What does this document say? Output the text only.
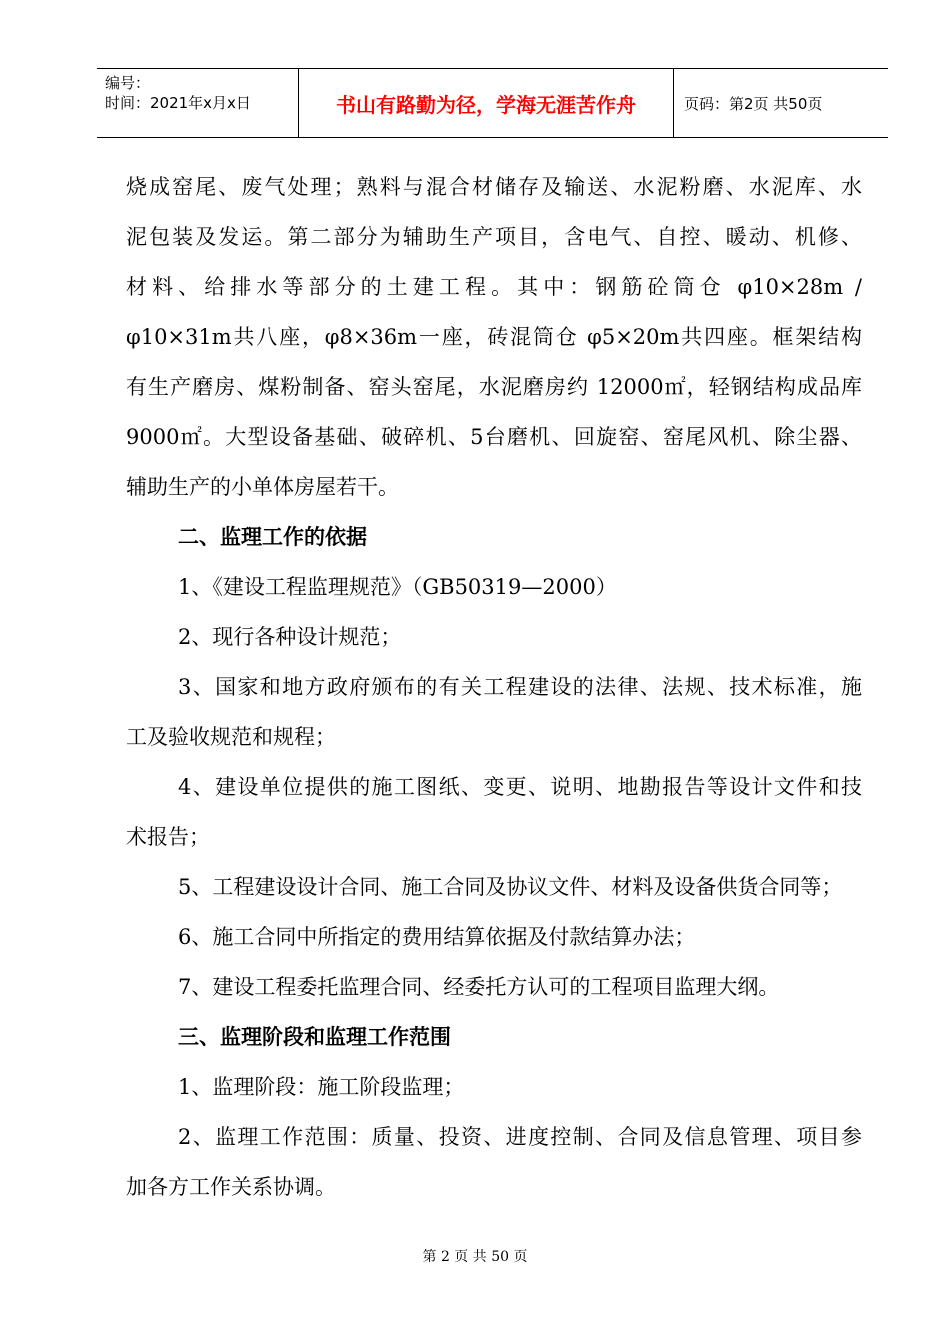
编号：
时间：2021年x月x日	书山有路勤为径，学海无涯苦作舟	页码：第2页 共50页

烧成窑尾、废气处理；熟料与混合材储存及输送、水泥粉磨、水泥库、水

泥包装及发运。第二部分为辅助生产项目，含电气、自控、暖动、机修、

材料、给排水等部分的土建工程。其中：钢筋砼筒仓 φ10×28m /

φ10×31m共八座，φ8×36m一座，砖混筒仓 φ5×20m共四座。框架结构

有生产磨房、煤粉制备、窑头窑尾，水泥磨房约 12000㎡，轻钢结构成品库

9000㎡。大型设备基础、破碎机、5台磨机、回旋窑、窑尾风机、除尘器、

辅助生产的小单体房屋若干。

二、监理工作的依据

1、《建设工程监理规范》（GB50319—2000）

2、现行各种设计规范；

3、国家和地方政府颁布的有关工程建设的法律、法规、技术标准，施

工及验收规范和规程；

4、建设单位提供的施工图纸、变更、说明、地勘报告等设计文件和技

术报告；

5、工程建设设计合同、施工合同及协议文件、材料及设备供货合同等；

6、施工合同中所指定的费用结算依据及付款结算办法；

7、建设工程委托监理合同、经委托方认可的工程项目监理大纲。

三、监理阶段和监理工作范围

1、监理阶段：施工阶段监理；

2、监理工作范围：质量、投资、进度控制、合同及信息管理、项目参

加各方工作关系协调。

第 2 页 共 50 页
